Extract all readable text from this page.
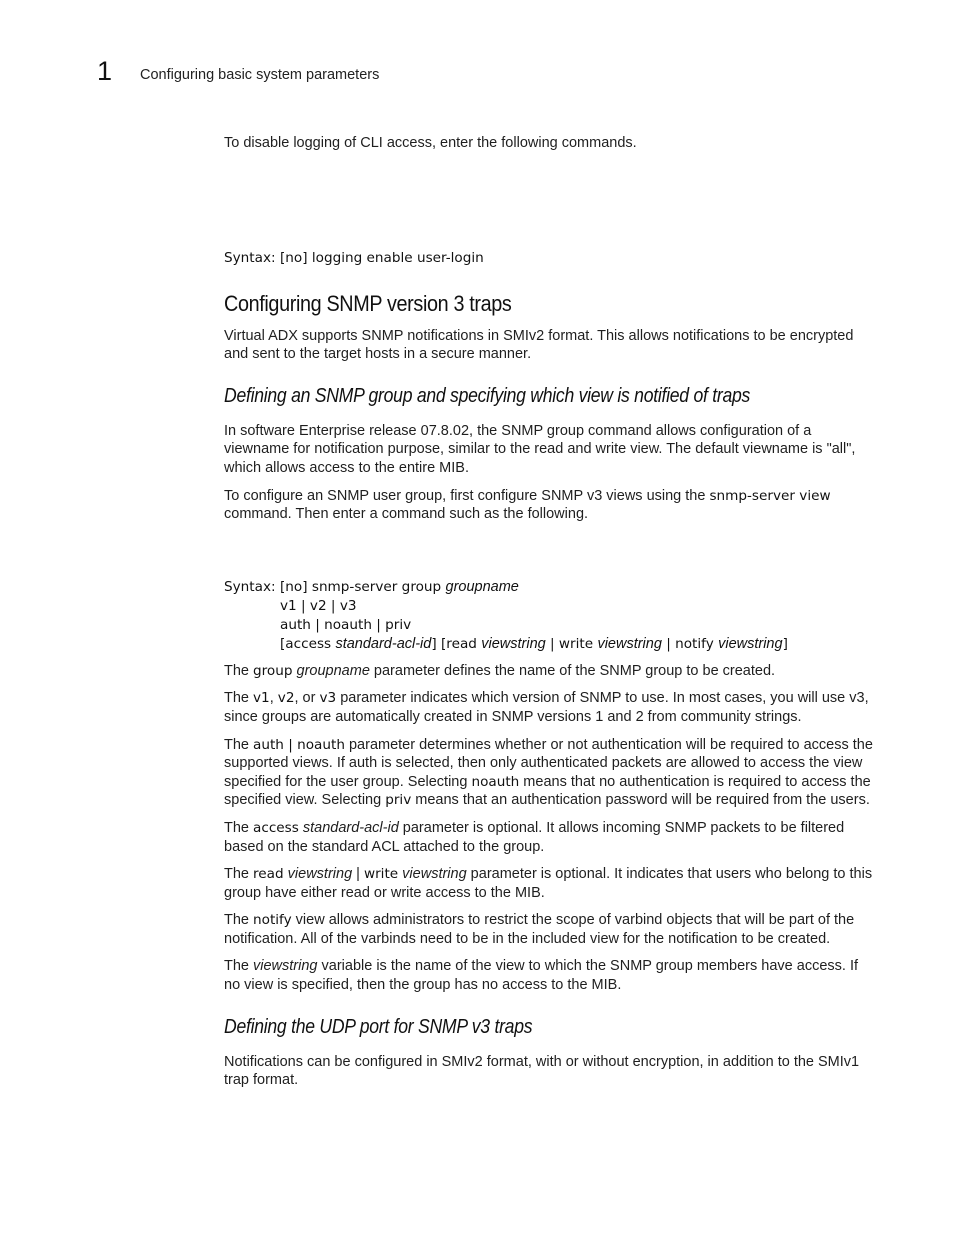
1 Configuring basic system parameters

To disable logging of CLI access, enter the following commands.

Syntax: [no] logging enable user-login
Configuring SNMP version 3 traps

Virtual ADX supports SNMP notifications in SMIv2 format. This allows notifications to be encrypted and sent to the target hosts in a secure manner.

Defining an SNMP group and specifying which view is notified of traps

In software Enterprise release 07.8.02, the SNMP group command allows configuration of a viewname for notification purpose, similar to the read and write view. The default viewname is "all", which allows access to the entire MIB.

To configure an SNMP user group, first configure SNMP v3 views using the snmp-server view command. Then enter a command such as the following.

Syntax: [no] snmp-server group groupname
v1 | v2 | v3
auth | noauth | priv
[access standard-acl-id] [read viewstring | write viewstring | notify viewstring]

The group groupname parameter defines the name of the SNMP group to be created.

The v1, v2, or v3 parameter indicates which version of SNMP to use. In most cases, you will use v3, since groups are automatically created in SNMP versions 1 and 2 from community strings.

The auth | noauth parameter determines whether or not authentication will be required to access the supported views. If auth is selected, then only authenticated packets are allowed to access the view specified for the user group. Selecting noauth means that no authentication is required to access the specified view. Selecting priv means that an authentication password will be required from the users.

The access standard-acl-id parameter is optional. It allows incoming SNMP packets to be filtered based on the standard ACL attached to the group.

The read viewstring | write viewstring parameter is optional. It indicates that users who belong to this group have either read or write access to the MIB.

The notify view allows administrators to restrict the scope of varbind objects that will be part of the notification. All of the varbinds need to be in the included view for the notification to be created.

The viewstring variable is the name of the view to which the SNMP group members have access. If no view is specified, then the group has no access to the MIB.

Defining the UDP port for SNMP v3 traps

Notifications can be configured in SMIv2 format, with or without encryption, in addition to the SMIv1 trap format.
